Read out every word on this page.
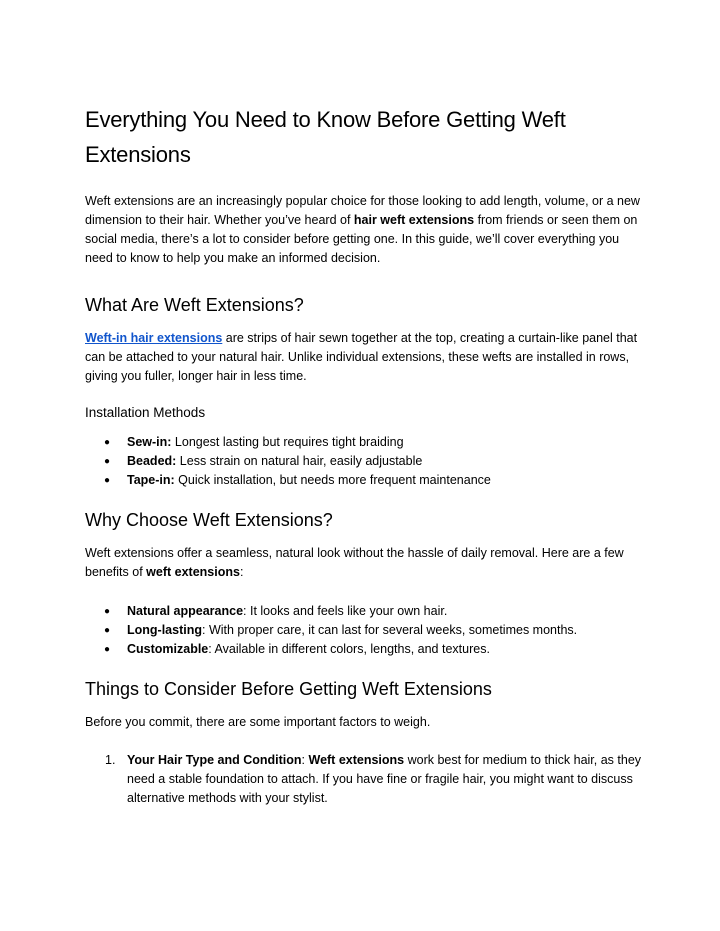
Everything You Need to Know Before Getting Weft Extensions

Weft extensions are an increasingly popular choice for those looking to add length, volume, or a new dimension to their hair. Whether you’ve heard of hair weft extensions from friends or seen them on social media, there’s a lot to consider before getting one. In this guide, we’ll cover everything you need to know to help you make an informed decision.

What Are Weft Extensions?

Weft-in hair extensions are strips of hair sewn together at the top, creating a curtain-like panel that can be attached to your natural hair. Unlike individual extensions, these wefts are installed in rows, giving you fuller, longer hair in less time.

Installation Methods
● Sew-in: Longest lasting but requires tight braiding
● Beaded: Less strain on natural hair, easily adjustable
● Tape-in: Quick installation, but needs more frequent maintenance
Why Choose Weft Extensions?

Weft extensions offer a seamless, natural look without the hassle of daily removal. Here are a few benefits of weft extensions:

● Natural appearance: It looks and feels like your own hair.
● Long-lasting: With proper care, it can last for several weeks, sometimes months.
● Customizable: Available in different colors, lengths, and textures.
Things to Consider Before Getting Weft Extensions

Before you commit, there are some important factors to weigh.

1. Your Hair Type and Condition: Weft extensions work best for medium to thick hair, as they need a stable foundation to attach. If you have fine or fragile hair, you might want to discuss alternative methods with your stylist.
